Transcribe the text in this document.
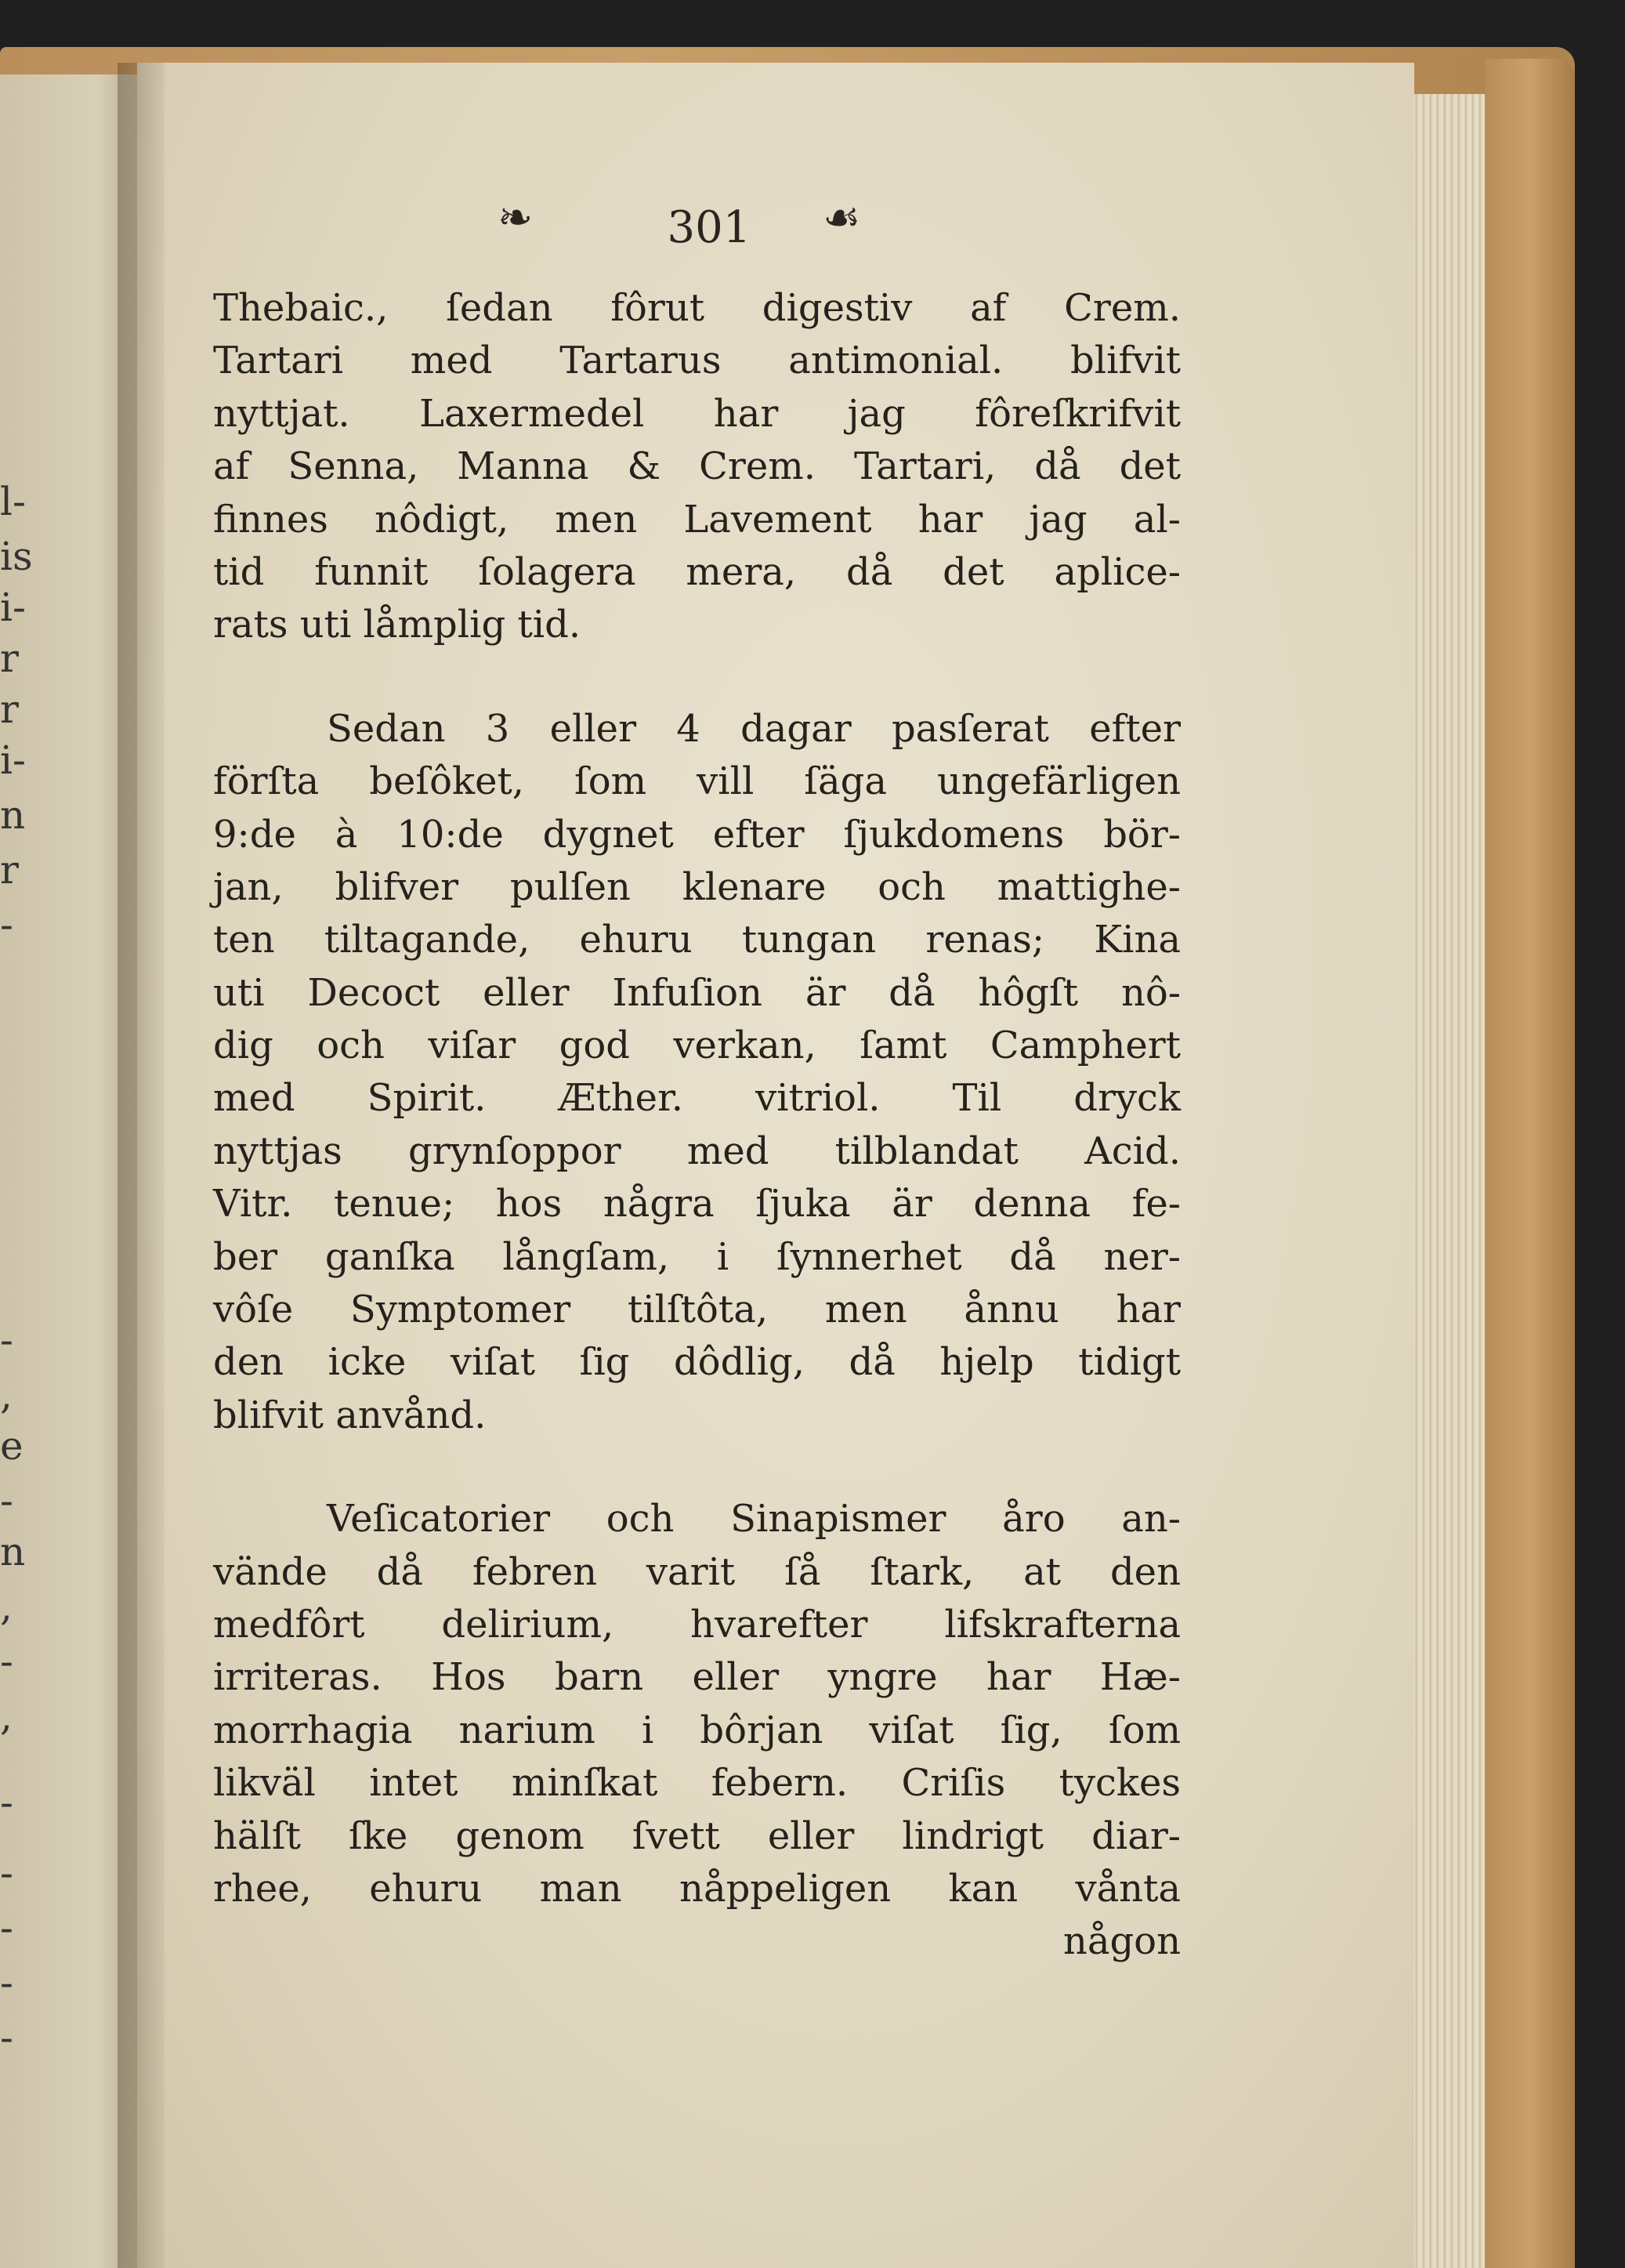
l-
is
i-
r
r
i-
n
r
-
-
,
e
-
n
,
-
,
-
-
-
-
-
❧	301	☙
Thebaic., ſedan fôrut digestiv af Crem.
Tartari med Tartarus antimonial. blifvit
nyttjat. Laxermedel har jag fôreſkrifvit
af Senna, Manna & Crem. Tartari, då det
finnes nôdigt, men Lavement har jag al-
tid funnit ſolagera mera, då det aplice-
rats uti låmplig tid.
Sedan 3 eller 4 dagar pasſerat efter
förſta beſôket, ſom vill ſäga ungefärligen
9:de à 10:de dygnet efter ſjukdomens bör-
jan, blifver pulſen klenare och mattighe-
ten tiltagande, ehuru tungan renas; Kina
uti Decoct eller Infuſion är då hôgſt nô-
dig och viſar god verkan, ſamt Camphert
med Spirit. Æther. vitriol. Til dryck
nyttjas grynſoppor med tilblandat Acid.
Vitr. tenue; hos några ſjuka är denna fe-
ber ganſka långſam, i ſynnerhet då ner-
vôſe Symptomer tilſtôta, men ånnu har
den icke viſat ſig dôdlig, då hjelp tidigt
blifvit anvånd.
Veſicatorier och Sinapismer åro an-
vände då febren varit ſå ſtark, at den
medfôrt delirium, hvarefter lifskrafterna
irriteras. Hos barn eller yngre har Hæ-
morrhagia narium i bôrjan viſat ſig, ſom
likväl intet minſkat febern. Criſis tyckes
hälſt ſke genom ſvett eller lindrigt diar-
rhee, ehuru man nåppeligen kan vånta
någon
